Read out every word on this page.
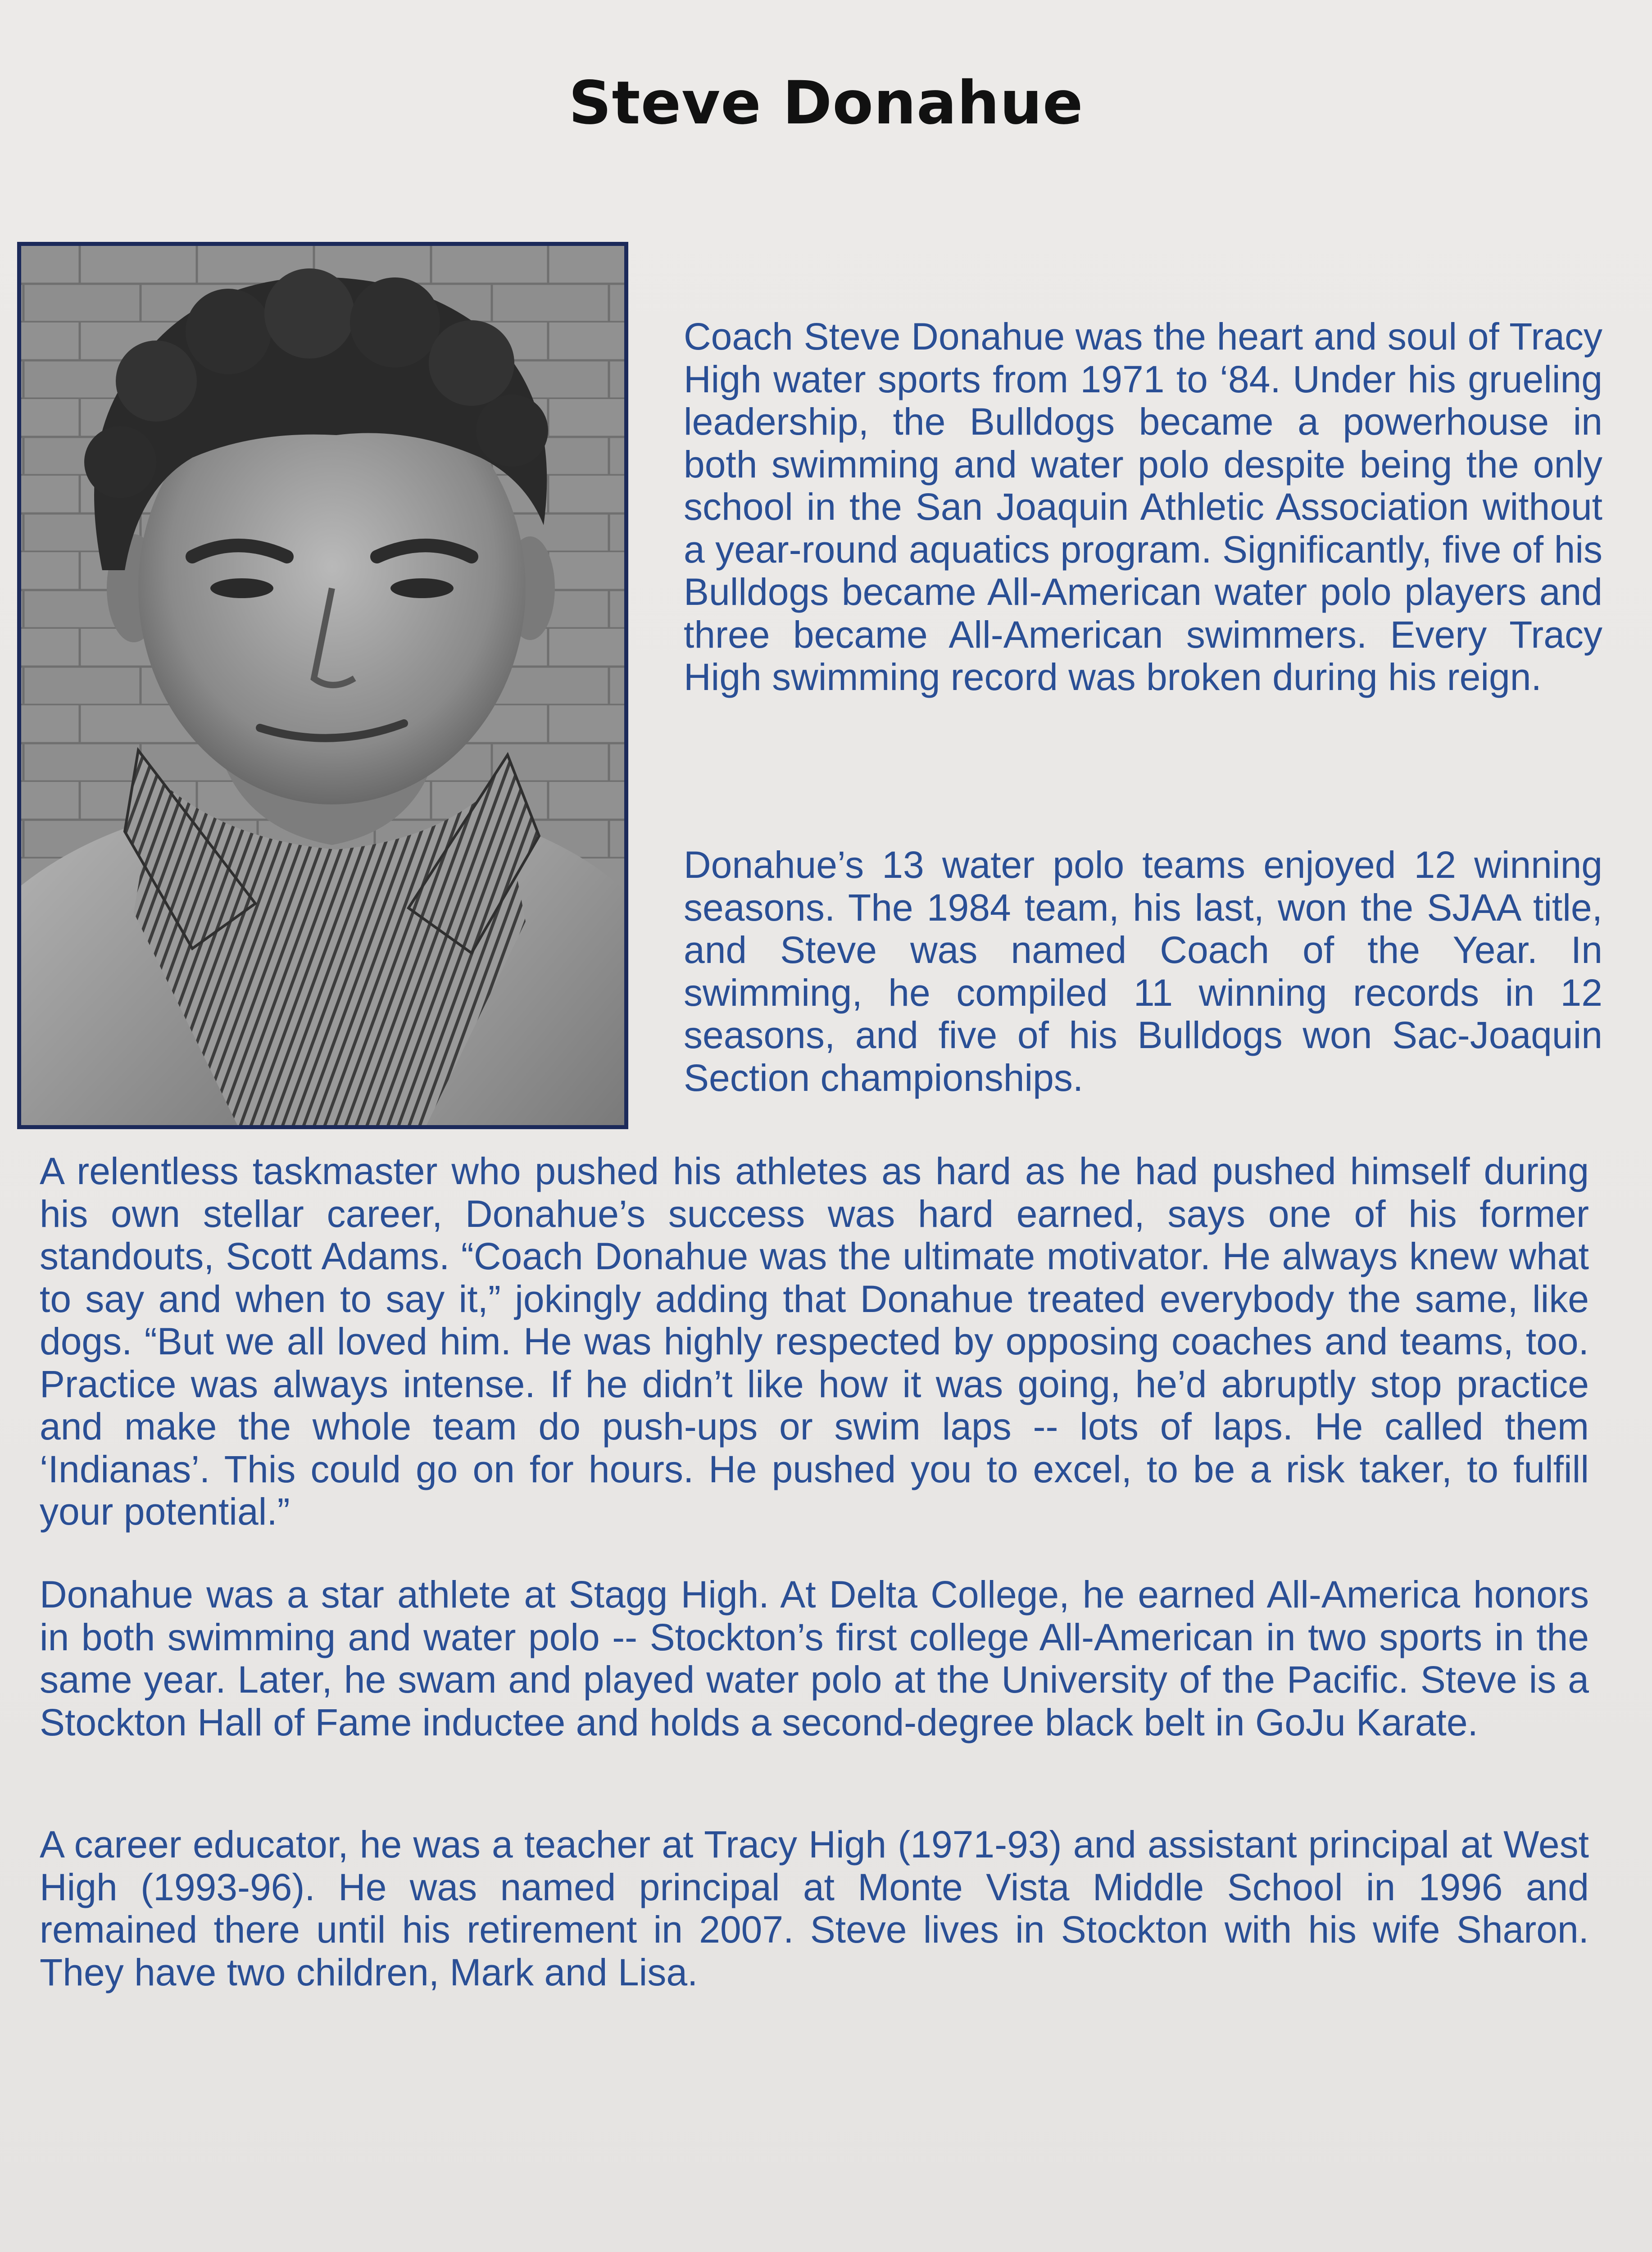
Steve Donahue

Coach Steve Donahue was the heart and soul of Tracy High water sports from 1971 to ‘84. Under his grueling leadership, the Bulldogs became a powerhouse in both swimming and water polo despite being the only school in the San Joaquin Athletic Association without a year-round aquatics program. Significantly, five of his Bulldogs became All-American water polo players and three became All-American swimmers. Every Tracy High swimming record was broken during his reign.

Donahue’s 13 water polo teams enjoyed 12 winning seasons. The 1984 team, his last, won the SJAA title, and Steve was named Coach of the Year. In swimming, he compiled 11 winning records in 12 seasons, and five of his Bulldogs won Sac-Joaquin Section championships.

A relentless taskmaster who pushed his athletes as hard as he had pushed himself during his own stellar career, Donahue’s success was hard earned, says one of his former standouts, Scott Adams. “Coach Donahue was the ultimate motivator. He always knew what to say and when to say it,” jokingly adding that Donahue treated everybody the same, like dogs. “But we all loved him. He was highly respected by opposing coaches and teams, too. Practice was always intense. If he didn’t like how it was going, he’d abruptly stop practice and make the whole team do push-ups or swim laps -- lots of laps. He called them ‘Indianas’. This could go on for hours. He pushed you to excel, to be a risk taker, to fulfill your potential.”

Donahue was a star athlete at Stagg High. At Delta College, he earned All-America honors in both swimming and water polo -- Stockton’s first college All-American in two sports in the same year. Later, he swam and played water polo at the University of the Pacific. Steve is a Stockton Hall of Fame inductee and holds a second-degree black belt in GoJu Karate.

A career educator, he was a teacher at Tracy High (1971-93) and assistant principal at West High (1993-96). He was named principal at Monte Vista Middle School in 1996 and remained there until his retirement in 2007. Steve lives in Stockton with his wife Sharon. They have two children, Mark and Lisa.
